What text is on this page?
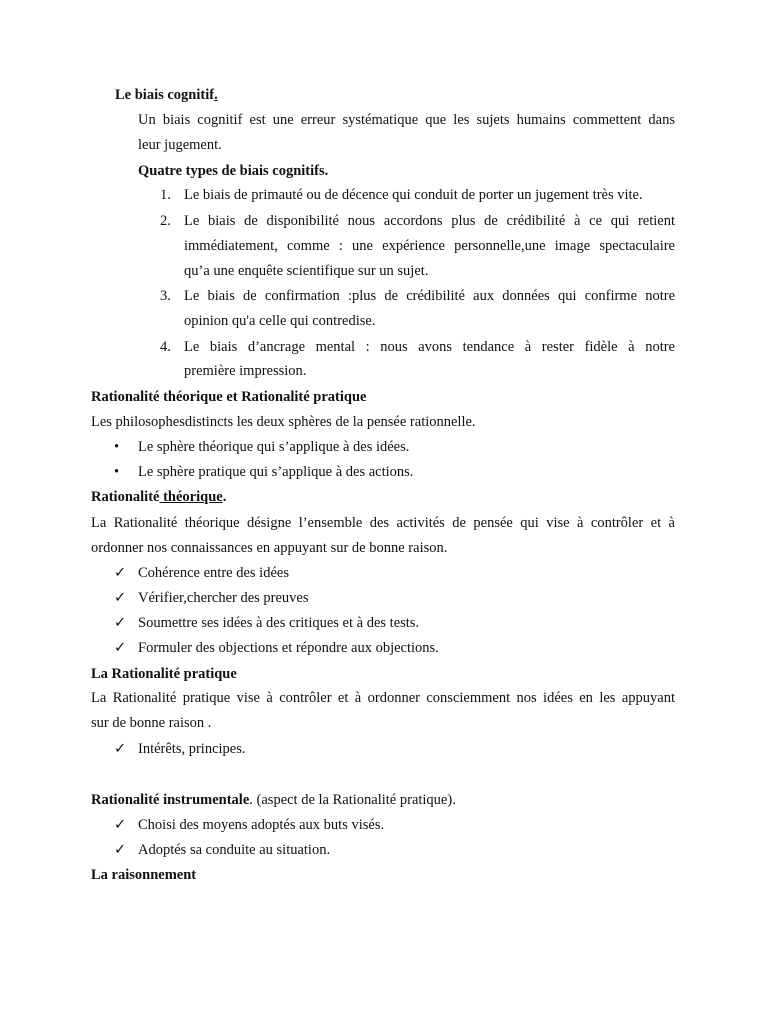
Le biais cognitif.
Un biais cognitif est une erreur systématique que les sujets humains commettent dans
leur jugement.
Quatre types de biais cognitifs.
1. Le biais de primauté ou de décence qui conduit de porter un jugement très vite.
2. Le biais de disponibilité nous accordons plus de crédibilité à ce qui retient
immédiatement, comme : une expérience personnelle,une image spectaculaire
qu’a une enquête scientifique sur un sujet.
3. Le biais de confirmation :plus de crédibilité aux données qui confirme notre
opinion qu'a celle qui contredise.
4. Le biais d’ancrage mental : nous avons tendance à rester fidèle à notre
première impression.
Rationalité théorique et Rationalité pratique
Les philosophesdistincts les deux sphères de la pensée rationnelle.
• Le sphère théorique qui s’applique à des idées.
• Le sphère pratique qui s’applique à des actions.
Rationalité théorique.
La Rationalité théorique désigne l’ensemble des activités de pensée qui vise à contrôler et à
ordonner nos connaissances en appuyant sur de bonne raison.
✓ Cohérence entre des idées
✓ Vérifier,chercher des preuves
✓ Soumettre ses idées à des critiques et à des tests.
✓ Formuler des objections et répondre aux objections.
La Rationalité pratique
La Rationalité pratique vise à contrôler et à ordonner consciemment nos idées en les appuyant
sur de bonne raison .
✓ Intérêts, principes.
Rationalité instrumentale. (aspect de la Rationalité pratique).
✓ Choisi des moyens adoptés aux buts visés.
✓ Adoptés sa conduite au situation.
La raisonnement
